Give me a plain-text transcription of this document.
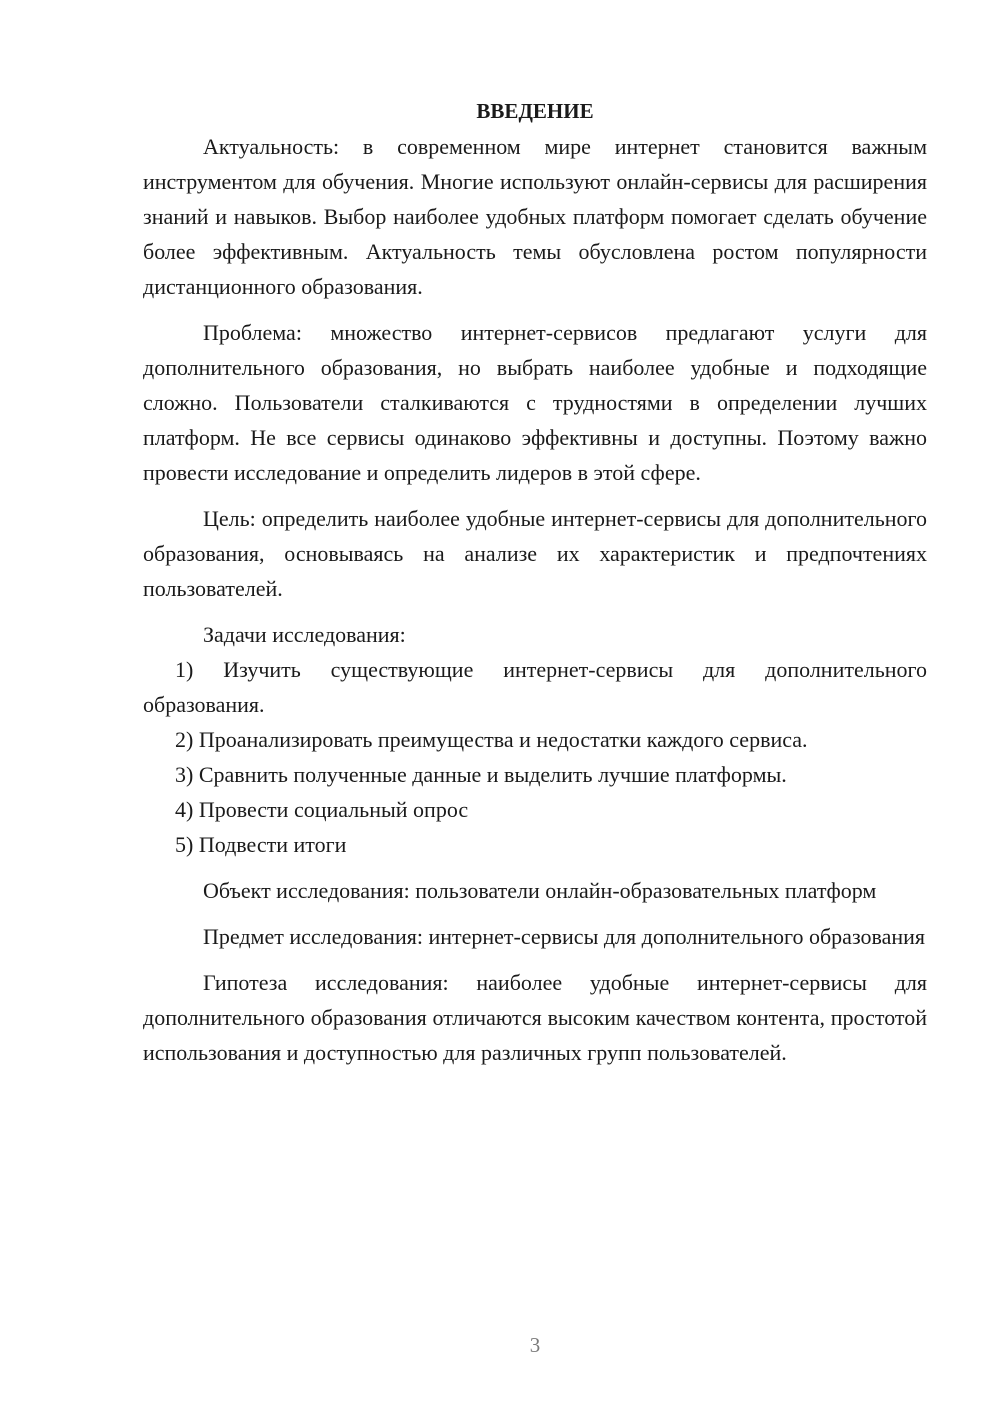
ВВЕДЕНИЕ

Актуальность: в современном мире интернет становится важным инструментом для обучения. Многие используют онлайн-сервисы для расширения знаний и навыков. Выбор наиболее удобных платформ помогает сделать обучение более эффективным. Актуальность темы обусловлена ростом популярности дистанционного образования.

Проблема: множество интернет-сервисов предлагают услуги для дополнительного образования, но выбрать наиболее удобные и подходящие сложно. Пользователи сталкиваются с трудностями в определении лучших платформ. Не все сервисы одинаково эффективны и доступны. Поэтому важно провести исследование и определить лидеров в этой сфере.

Цель: определить наиболее удобные интернет-сервисы для дополнительного образования, основываясь на анализе их характеристик и предпочтениях пользователей.

Задачи исследования:

1) Изучить существующие интернет-сервисы для дополнительного образования.

2) Проанализировать преимущества и недостатки каждого сервиса.

3) Сравнить полученные данные и выделить лучшие платформы.

4) Провести социальный опрос

5) Подвести итоги

Объект исследования: пользователи онлайн-образовательных платформ

Предмет исследования: интернет-сервисы для дополнительного образования

Гипотеза исследования: наиболее удобные интернет-сервисы для дополнительного образования отличаются высоким качеством контента, простотой использования и доступностью для различных групп пользователей.

3
